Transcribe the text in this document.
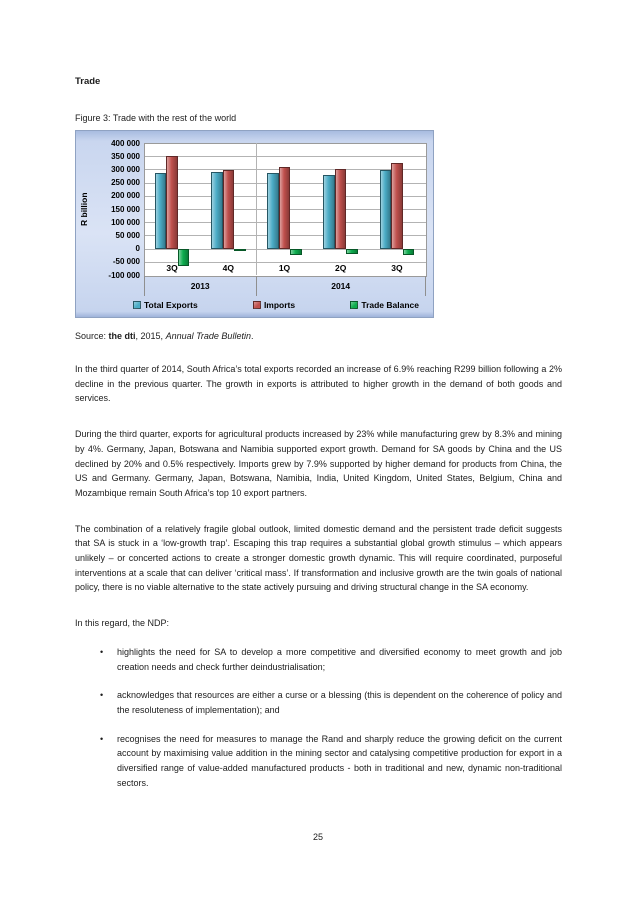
Trade
Figure 3: Trade with the rest of the world
R billion
Total Exports	Imports	Trade Balance
400 000
350 000
300 000
250 000
200 000
150 000
100 000
50 000
0
-50 000
-100 000
3Q	4Q	1Q	2Q	3Q
2013	2014
Source: the dti, 2015, Annual Trade Bulletin.
In the third quarter of 2014, South Africa’s total exports recorded an increase of 6.9% reaching R299 billion following a 2% decline in the previous quarter. The growth in exports is attributed to higher growth in the demand of both goods and services.
During the third quarter, exports for agricultural products increased by 23% while manufacturing grew by 8.3% and mining by 4%. Germany, Japan, Botswana and Namibia supported export growth. Demand for SA goods by China and the US declined by 20% and 0.5% respectively. Imports grew by 7.9% supported by higher demand for products from China, the US and Germany. Germany, Japan, Botswana, Namibia, India, United Kingdom, United States, Belgium, China and Mozambique remain South Africa’s top 10 export partners.
The combination of a relatively fragile global outlook, limited domestic demand and the persistent trade deficit suggests that SA is stuck in a ‘low-growth trap’. Escaping this trap requires a substantial global growth stimulus – which appears unlikely – or concerted actions to create a stronger domestic growth dynamic. This will require coordinated, purposeful interventions at a scale that can deliver ‘critical mass’. If transformation and inclusive growth are the twin goals of national policy, there is no viable alternative to the state actively pursuing and driving structural change in the SA economy.
In this regard, the NDP:
•	highlights the need for SA to develop a more competitive and diversified economy to meet growth and job creation needs and check further deindustrialisation;
•	acknowledges that resources are either a curse or a blessing (this is dependent on the coherence of policy and the resoluteness of implementation); and
•	recognises the need for measures to manage the Rand and sharply reduce the growing deficit on the current account by maximising value addition in the mining sector and catalysing competitive production for export in a diversified range of value-added manufactured products - both in traditional and new, dynamic non-traditional sectors.
25
